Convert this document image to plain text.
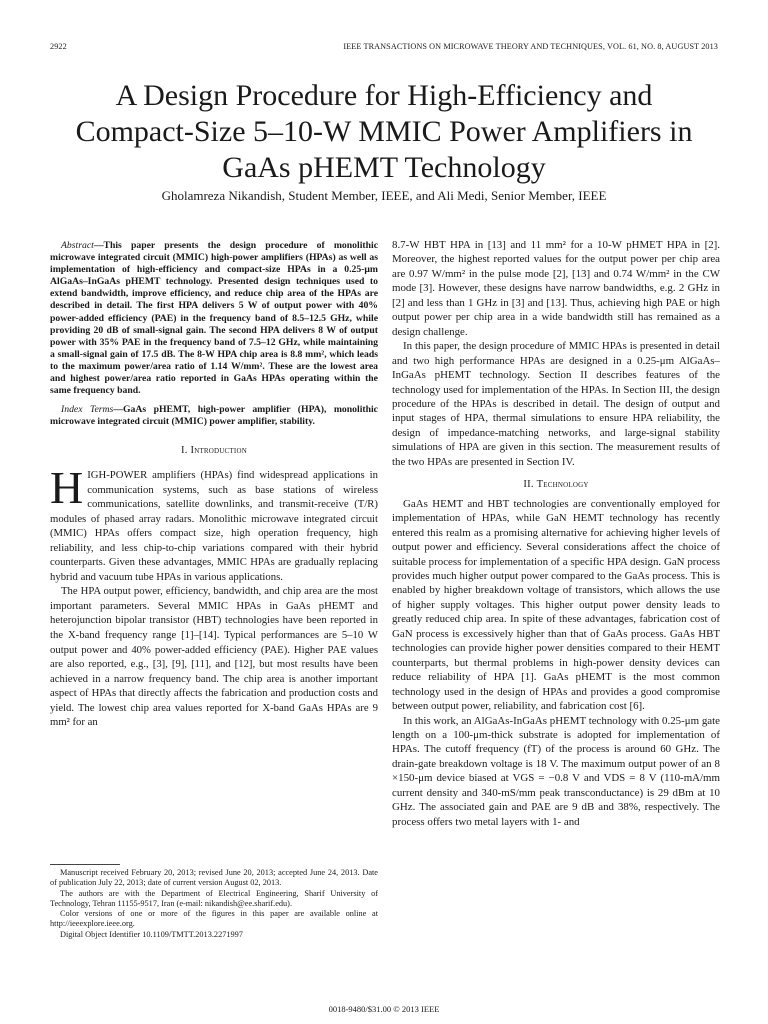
2922	IEEE TRANSACTIONS ON MICROWAVE THEORY AND TECHNIQUES, VOL. 61, NO. 8, AUGUST 2013
A Design Procedure for High-Efficiency and
Compact-Size 5–10-W MMIC Power Amplifiers in
GaAs pHEMT Technology
Gholamreza Nikandish, Student Member, IEEE, and Ali Medi, Senior Member, IEEE

Abstract—This paper presents the design procedure of monolithic microwave integrated circuit (MMIC) high-power amplifiers (HPAs) as well as implementation of high-efficiency and compact-size HPAs in a 0.25-μm AlGaAs–InGaAs pHEMT technology. Presented design techniques used to extend bandwidth, improve efficiency, and reduce chip area of the HPAs are described in detail. The first HPA delivers 5 W of output power with 40% power-added efficiency (PAE) in the frequency band of 8.5–12.5 GHz, while providing 20 dB of small-signal gain. The second HPA delivers 8 W of output power with 35% PAE in the frequency band of 7.5–12 GHz, while maintaining a small-signal gain of 17.5 dB. The 8-W HPA chip area is 8.8 mm², which leads to the maximum power/area ratio of 1.14 W/mm². These are the lowest area and highest power/area ratio reported in GaAs HPAs operating within the same frequency band.

Index Terms—GaAs pHEMT, high-power amplifier (HPA), monolithic microwave integrated circuit (MMIC) power amplifier, stability.

I. Introduction

HIGH-POWER amplifiers (HPAs) find widespread applications in communication systems, such as base stations of wireless communications, satellite downlinks, and transmit-receive (T/R) modules of phased array radars. Monolithic microwave integrated circuit (MMIC) HPAs offers compact size, high operation frequency, high reliability, and less chip-to-chip variations compared with their hybrid counterparts. Given these advantages, MMIC HPAs are gradually replacing hybrid and vacuum tube HPAs in various applications.

The HPA output power, efficiency, bandwidth, and chip area are the most important parameters. Several MMIC HPAs in GaAs pHEMT and heterojunction bipolar transistor (HBT) technologies have been reported in the X-band frequency range [1]–[14]. Typical performances are 5–10 W output power and 40% power-added efficiency (PAE). Higher PAE values are also reported, e.g., [3], [9], [11], and [12], but most results have been achieved in a narrow frequency band. The chip area is another important aspect of HPAs that directly affects the fabrication and production costs and yield. The lowest chip area values reported for X-band GaAs HPAs are 9 mm² for an

Manuscript received February 20, 2013; revised June 20, 2013; accepted June 24, 2013. Date of publication July 22, 2013; date of current version August 02, 2013.

The authors are with the Department of Electrical Engineering, Sharif University of Technology, Tehran 11155-9517, Iran (e-mail: nikandish@ee.sharif.edu).

Color versions of one or more of the figures in this paper are available online at http://ieeexplore.ieee.org.

Digital Object Identifier 10.1109/TMTT.2013.2271997

8.7-W HBT HPA in [13] and 11 mm² for a 10-W pHMET HPA in [2]. Moreover, the highest reported values for the output power per chip area are 0.97 W/mm² in the pulse mode [2], [13] and 0.74 W/mm² in the CW mode [3]. However, these designs have narrow bandwidths, e.g. 2 GHz in [2] and less than 1 GHz in [3] and [13]. Thus, achieving high PAE or high output power per chip area in a wide bandwidth still has remained as a design challenge.

In this paper, the design procedure of MMIC HPAs is presented in detail and two high performance HPAs are designed in a 0.25-μm AlGaAs–InGaAs pHEMT technology. Section II describes features of the technology used for implementation of the HPAs. In Section III, the design procedure of the HPAs is described in detail. The design of output and input stages of HPA, thermal simulations to ensure HPA reliability, the design of impedance-matching networks, and large-signal stability simulations of HPA are given in this section. The measurement results of the two HPAs are presented in Section IV.

II. Technology

GaAs HEMT and HBT technologies are conventionally employed for implementation of HPAs, while GaN HEMT technology has recently entered this realm as a promising alternative for achieving higher levels of output power and efficiency. Several considerations affect the choice of suitable process for implementation of a specific HPA design. GaN process provides much higher output power compared to the GaAs process. This is enabled by higher breakdown voltage of transistors, which allows the use of higher supply voltages. This higher output power density leads to greatly reduced chip area. In spite of these advantages, fabrication cost of GaN process is excessively higher than that of GaAs process. GaAs HBT technologies can provide higher power densities compared to their HEMT counterparts, but thermal problems in high-power density devices can reduce reliability of HPA [1]. GaAs pHEMT is the most common technology used in the design of HPAs and provides a good compromise between output power, reliability, and fabrication cost [6].

In this work, an AlGaAs-InGaAs pHEMT technology with 0.25-μm gate length on a 100-μm-thick substrate is adopted for implementation of HPAs. The cutoff frequency (fT) of the process is around 60 GHz. The drain-gate breakdown voltage is 18 V. The maximum output power of an 8 ×150-μm device biased at VGS = −0.8 V and VDS = 8 V (110-mA/mm current density and 340-mS/mm peak transconductance) is 29 dBm at 10 GHz. The associated gain and PAE are 9 dB and 38%, respectively. The process offers two metal layers with 1- and

0018-9480/$31.00 © 2013 IEEE
